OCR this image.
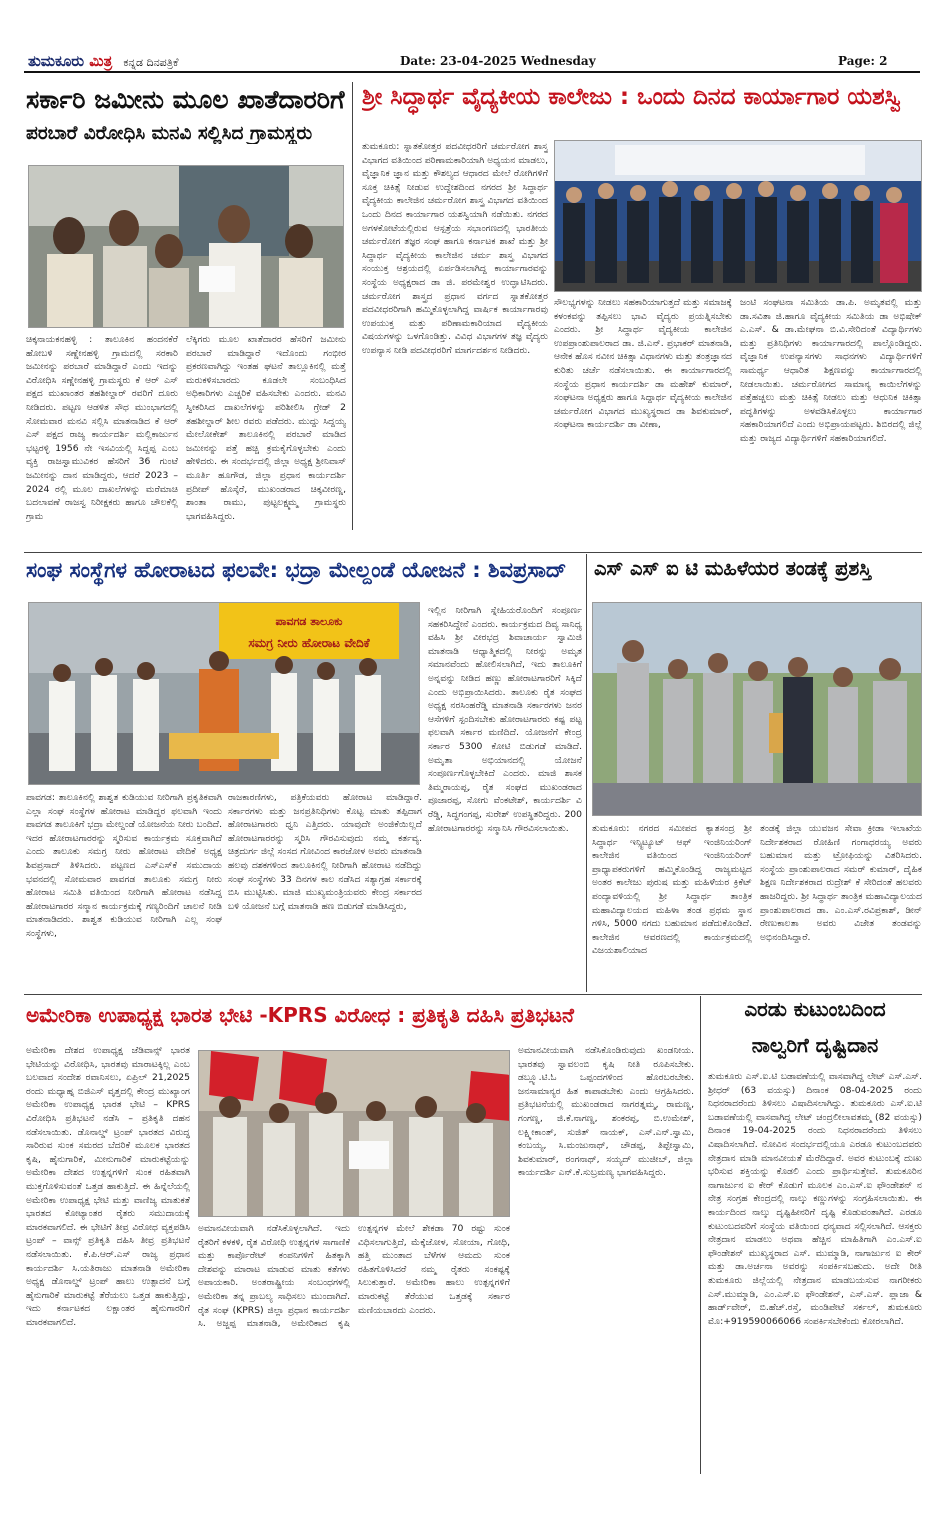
ತುಮಕೂರು ಮಿತ್ರ ಕನ್ನಡ ದಿನಪತ್ರಿಕೆ	Date: 23-04-2025 Wednesday	Page: 2
ಸರ್ಕಾರಿ ಜಮೀನು ಮೂಲ ಖಾತೆದಾರರಿಗೆ
ಪರಬಾರೆ ವಿರೋಧಿಸಿ ಮನವಿ ಸಲ್ಲಿಸಿದ ಗ್ರಾಮಸ್ಥರು
ಚಿಕ್ಕನಾಯಕನಹಳ್ಳಿ : ತಾಲೂಕಿನ ಹಂದನಕೆರೆ ಹೋಬಳಿ ಸಣ್ಣೇನಹಳ್ಳಿ ಗ್ರಾಮದಲ್ಲಿ ಸರಕಾರಿ ಜಮೀನನ್ನು ಪರಬಾರೆ ಮಾಡಿದ್ದಾರೆ ಎಂದು ಇದನ್ನು ವಿರೋಧಿಸಿ ಸಣ್ಣೇನಹಳ್ಳಿ ಗ್ರಾಮಸ್ಥರು ಕೆ ಆರ್ ಎಸ್ ಪಕ್ಷದ ಮುಖಾಂತರ ತಹಶೀಲ್ದಾರ್ ರವರಿಗೆ ದೂರು ನೀಡಿದರು. ಪಟ್ಟಣ ಆಡಳಿತ ಸೌಧ ಮುಂಭಾಗದಲ್ಲಿ ಸೋಮವಾರ ಮನವಿ ಸಲ್ಲಿಸಿ ಮಾತನಾಡಿದ ಕೆ ಆರ್ ಎಸ್ ಪಕ್ಷದ ರಾಜ್ಯ ಕಾರ್ಯದರ್ಶಿ ಮಲ್ಲಿಕಾರ್ಜುನ ಭಟ್ಟರಳ್ಳಿ 1956 ನೇ ಇಸವಿಯಲ್ಲಿ ಸಿದ್ದಪ್ಪ ಎಂಬ ವ್ಯಕ್ತಿ ರಾಜಸ್ವಾಮುವಿಕರ ಹೆಸರಿಗೆ 36 ಗುಂಟೆ ಜಮೀನನ್ನು ದಾನ ಮಾಡಿದ್ದರು, ಆದರೆ 2023 – 2024 ರಲ್ಲಿ ಮೂಲ ದಾಖಲೆಗಳನ್ನು ಮರೆಮಾಚಿ ಬದಲಾವಣೆ ರಾಜಸ್ವ ನಿರೀಕ್ಷಕರು ಹಾಗೂ ಚೌಲಕೆಲ್ಲಿ ಗ್ರಾಮ
ಲೆಕ್ಕಿಗರು ಮೂಲ ಖಾತೆದಾರರ ಹೆಸರಿಗೆ ಜಮೀನು ಪರಬಾರೆ ಮಾಡಿದ್ದಾರೆ ಇದೊಂದು ಗಂಭೀರ ಪ್ರಕರಣವಾಗಿದ್ದು ಇಂತಹ ಘಟನೆ ತಾಲ್ಲೂಕಿನಲ್ಲಿ ಮತ್ತೆ ಮರುಕಳಿಸಬಾರದು ಕೂಡಲೇ ಸಂಬಂಧಿಸಿದ ಅಧಿಕಾರಿಗಳು ಎಚ್ಚರಿಕೆ ವಹಿಸಬೇಕು ಎಂದರು. ಮನವಿ ಸ್ವೀಕರಿಸಿದ ದಾಖಲೆಗಳನ್ನು ಪರಿಶೀಲಿಸಿ ಗ್ರೇಡ್ 2 ತಹಶೀಲ್ದಾರ್ ಶೀಲ ರವರು ಪಡೆದರು. ಮುದ್ದು ಸಿದ್ದಯ್ಯ ಮೇಲೋಕೇಶ್ ತಾಲೂಕಿನಲ್ಲಿ ಪರಬಾರೆ ಮಾಡಿದ ಜಮೀನನ್ನು ಪತ್ತೆ ಹಚ್ಚಿ ಕ್ರಮಕೈಗೊಳ್ಳಬೇಕು ಎಂದು ಹೇಳಿದರು. ಈ ಸಂದರ್ಭದಲ್ಲಿ ಜಿಲ್ಲಾ ಅಧ್ಯಕ್ಷ ಶ್ರೀನಿವಾಸ್ ಮೂರ್ತಿ ಹೂಗೌಡ, ಜಿಲ್ಲಾ ಪ್ರಧಾನ ಕಾರ್ಯದರ್ಶಿ ಪ್ರದೀಪ್ ಹೊಸ್ಕೆರೆ, ಮುಖಂಡರಾದ ಚಿಕ್ಕವೀರಣ್ಣ, ಶಾಂತಾ ರಾಮು, ಪುಟ್ಟಲಕ್ಷ್ಮಮ್ಮ ಗ್ರಾಮಸ್ಥರು ಭಾಗವಹಿಸಿದ್ದರು.
ಶ್ರೀ ಸಿದ್ಧಾರ್ಥ ವೈದ್ಯಕೀಯ ಕಾಲೇಜು : ಒಂದು ದಿನದ ಕಾರ್ಯಾಗಾರ ಯಶಸ್ವಿ
ತುಮಕೂರು: ಸ್ನಾತಕೋತ್ತರ ಪದವೀಧರರಿಗೆ ಚರ್ಮರೋಗ ಶಾಸ್ತ್ರ ವಿಭಾಗದ ವತಿಯಿಂದ ಪರಿಣಾಮಕಾರಿಯಾಗಿ ಅಧ್ಯಯನ ಮಾಡಲು, ವೈಜ್ಞಾನಿಕ ಜ್ಞಾನ ಮತ್ತು ಕೌಶಲ್ಯದ ಆಧಾರದ ಮೇಲೆ ರೋಗಿಗಳಿಗೆ ಸೂಕ್ತ ಚಿಕಿತ್ಸೆ ನೀಡುವ ಉದ್ದೇಶದಿಂದ ನಗರದ ಶ್ರೀ ಸಿದ್ಧಾರ್ಥ ವೈದ್ಯಕೀಯ ಕಾಲೇಜಿನ ಚರ್ಮರೋಗ ಶಾಸ್ತ್ರ ವಿಭಾಗದ ವತಿಯಿಂದ ಒಂದು ದಿನದ ಕಾರ್ಯಾಗಾರ ಯಶಸ್ವಿಯಾಗಿ ನಡೆಯಿತು. ನಗರದ ಅಗಳಕೋಟೆಯಲ್ಲಿರುವ ಆಸ್ಪತ್ರೆಯ ಸಭಾಂಗಣದಲ್ಲಿ ಭಾರತೀಯ ಚರ್ಮರೋಗ ತಜ್ಞರ ಸಂಘ ಹಾಗೂ ಕರ್ನಾಟಕ ಶಾಖೆ ಮತ್ತು ಶ್ರೀ ಸಿದ್ಧಾರ್ಥ ವೈದ್ಯಕೀಯ ಕಾಲೇಜಿನ ಚರ್ಮ ಶಾಸ್ತ್ರ ವಿಭಾಗದ ಸಂಯುಕ್ತ ಆಶ್ರಯದಲ್ಲಿ ಏರ್ಪಡಿಸಲಾಗಿದ್ದ ಕಾರ್ಯಾಗಾರವನ್ನು ಸಂಸ್ಥೆಯ ಅಧ್ಯಕ್ಷರಾದ ಡಾ ಜಿ. ಪರಮೇಶ್ವರ ಉದ್ಘಾಟಿಸಿದರು. ಚರ್ಮರೋಗ ಶಾಸ್ತ್ರದ ಪ್ರಧಾನ ವರ್ಗದ ಸ್ನಾತಕೋತ್ತರ ಪದವೀಧರರಿಗಾಗಿ ಹಮ್ಮಿಕೊಳ್ಳಲಾಗಿದ್ದ ವಾರ್ಷಿಕ ಕಾರ್ಯಾಗಾರವು ಉಪಯುಕ್ತ ಮತ್ತು ಪರಿಣಾಮಕಾರಿಯಾದ ವೈದ್ಯಕೀಯ ವಿಷಯಗಳನ್ನು ಒಳಗೊಂಡಿತ್ತು. ವಿವಿಧ ವಿಭಾಗಗಳ ತಜ್ಞ ವೈದ್ಯರು ಉಪನ್ಯಾಸ ನೀಡಿ ಪದವೀಧರರಿಗೆ ಮಾರ್ಗದರ್ಶನ ನೀಡಿದರು.
ಸೌಲಭ್ಯಗಳನ್ನು ನೀಡಲು ಸಹಕಾರಿಯಾಗುತ್ತದೆ ಮತ್ತು ಸಮಾಜಕ್ಕೆ ಕಳಂಕವನ್ನು ತಪ್ಪಿಸಲು ಭಾವಿ ವೈದ್ಯರು ಪ್ರಯತ್ನಿಸಬೇಕು ಎಂದರು. ಶ್ರೀ ಸಿದ್ಧಾರ್ಥ ವೈದ್ಯಕೀಯ ಕಾಲೇಜಿನ ಉಪಪ್ರಾಂಶುಪಾಲರಾದ ಡಾ. ಜಿ.ಎನ್. ಪ್ರಭಾಕರ್ ಮಾತನಾಡಿ, ಆನೇಕ ಹೊಸ ನವೀನ ಚಿಕಿತ್ಸಾ ವಿಧಾನಗಳು ಮತ್ತು ತಂತ್ರಜ್ಞಾನದ ಕುರಿತು ಚರ್ಚೆ ನಡೆಸಲಾಯಿತು. ಈ ಕಾರ್ಯಾಗಾರದಲ್ಲಿ ಸಂಸ್ಥೆಯ ಪ್ರಧಾನ ಕಾರ್ಯದರ್ಶಿ ಡಾ ಮಹೇಶ್ ಕುಮಾರ್, ಸಂಘಟನಾ ಅಧ್ಯಕ್ಷರು ಹಾಗೂ ಸಿದ್ದಾರ್ಥ ವೈದ್ಯಕೀಯ ಕಾಲೇಜಿನ ಚರ್ಮರೋಗ ವಿಭಾಗದ ಮುಖ್ಯಸ್ಥರಾದ ಡಾ ಶಿವಕುಮಾರ್, ಸಂಘಟನಾ ಕಾರ್ಯದರ್ಶಿ ಡಾ ವೀಣಾ,
ಜಂಟಿ ಸಂಘಟನಾ ಸಮಿತಿಯ ಡಾ.ಪಿ. ಅಮೃತವಲ್ಲಿ ಮತ್ತು ಡಾ.ಸವಿತಾ ಜಿ.ಹಾಗೂ ವೈದ್ಯಕೀಯ ಸಮಿತಿಯ ಡಾ ಅಭಿಷೇಕ್ ಎ.ಎಸ್. & ಡಾ.ಮೇಘನಾ ಬಿ.ವಿ.ಸೇರಿದಂತೆ ವಿದ್ಯಾರ್ಥಿಗಳು ಮತ್ತು ಪ್ರತಿನಿಧಿಗಳು ಕಾರ್ಯಾಗಾರದಲ್ಲಿ ಪಾಲ್ಗೊಂಡಿದ್ದರು. ವೈಜ್ಞಾನಿಕ ಉಪನ್ಯಾಸಗಳು ಸಾಧನಗಳು ವಿದ್ಯಾರ್ಥಿಗಳಿಗೆ ಸಾಮರ್ಥ್ಯ ಆಧಾರಿತ ಶಿಕ್ಷಣವನ್ನು ಕಾರ್ಯಾಗಾರದಲ್ಲಿ ನೀಡಲಾಯಿತು. ಚರ್ಮರೋಗದ ಸಾಮಾನ್ಯ ಕಾಯಿಲೆಗಳನ್ನು ಪತ್ತೆಹಚ್ಚಲು ಮತ್ತು ಚಿಕಿತ್ಸೆ ನೀಡಲು ಮತ್ತು ಆಧುನಿಕ ಚಿಕಿತ್ಸಾ ಪದ್ಧತಿಗಳನ್ನು ಅಳವಡಿಸಿಕೊಳ್ಳಲು ಕಾರ್ಯಾಗಾರ ಸಹಕಾರಿಯಾಗಲಿದೆ ಎಂದು ಅಭಿಪ್ರಾಯಪಟ್ಟರು. ಶಿಬಿರದಲ್ಲಿ ಜಿಲ್ಲೆ ಮತ್ತು ರಾಜ್ಯದ ವಿದ್ಯಾರ್ಥಿಗಳಿಗೆ ಸಹಕಾರಿಯಾಗಲಿದೆ.
ಸಂಘ ಸಂಸ್ಥೆಗಳ ಹೋರಾಟದ ಫಲವೇ: ಭದ್ರಾ ಮೇಲ್ದಂಡೆ ಯೋಜನೆ : ಶಿವಪ್ರಸಾದ್
ಪಾವಗಡ ತಾಲೂಕು
ಸಮಗ್ರ ನೀರು ಹೋರಾಟ ವೇದಿಕೆ
ಪಾವಗಡ: ತಾಲೂಕಿನಲ್ಲಿ ಶಾಶ್ವತ ಕುಡಿಯುವ ನೀರಿಗಾಗಿ ಪ್ರಕೃತಿಕವಾಗಿ ಎಲ್ಲಾ ಸಂಘ ಸಂಸ್ಥೆಗಳ ಹೋರಾಟ ಮಾಡಿದ್ದರ ಫಲವಾಗಿ ಇಂದು ಪಾವಗಡ ತಾಲೂಕಿಗೆ ಭದ್ರಾ ಮೇಲ್ದಂಡೆ ಯೋಜನೆಯ ನೀರು ಬಂದಿದೆ. ಇದರ ಹೋರಾಟಗಾರರನ್ನು ಸ್ಮರಿಸುವ ಕಾರ್ಯಕ್ರಮ ಸೂಕ್ತವಾಗಿದೆ ಎಂದು ತಾಲೂಕು ಸಮಗ್ರ ನೀರು ಹೋರಾಟ ವೇದಿಕೆ ಅಧ್ಯಕ್ಷ ಶಿವಪ್ರಸಾದ್ ತಿಳಿಸಿದರು. ಪಟ್ಟಣದ ಎಸ್‌ಎಸ್‌ಕೆ ಸಮುದಾಯ ಭವನದಲ್ಲಿ ಸೋಮವಾರ ಪಾವಗಡ ತಾಲೂಕು ಸಮಗ್ರ ನೀರು ಹೋರಾಟ ಸಮಿತಿ ವತಿಯಿಂದ ನೀರಿಗಾಗಿ ಹೋರಾಟ ನಡೆಸಿದ್ದ ಹೋರಾಟಗಾರರ ಸನ್ಮಾನ ಕಾರ್ಯಕ್ರಮಕ್ಕೆ ಗಣ್ಯರಿಂದಿಗೆ ಚಾಲನೆ ನೀಡಿ ಮಾತನಾಡಿದರು. ಶಾಶ್ವತ ಕುಡಿಯುವ ನೀರಿಗಾಗಿ ಎಲ್ಲ ಸಂಘ ಸಂಸ್ಥೆಗಳು,
ರಾಜಕಾರಣಿಗಳು, ಪತ್ರಿಕೆಯವರು ಹೋರಾಟ ಮಾಡಿದ್ದಾರೆ. ಸರ್ಕಾರಗಳು ಮತ್ತು ಜನಪ್ರತಿನಿಧಿಗಳು ಕೊಟ್ಟ ಮಾತು ತಪ್ಪಿದಾಗ ಹೋರಾಟಗಾರರು ಧ್ವನಿ ಎತ್ತಿದರು. ಯಾವುದೇ ಅಂಜಿಕೆಯಿಲ್ಲದೆ ಹೋರಾಟಗಾರರನ್ನು ಸ್ಮರಿಸಿ ಗೌರವಿಸುವುದು ನಮ್ಮ ಕರ್ತವ್ಯ. ಚಿತ್ರದುರ್ಗ ಜಿಲ್ಲೆ ಸಂಸದ ಗೋವಿಂದ ಕಾರಜೋಳ ಅವರು ಮಾತನಾಡಿ ಹಲವು ದಶಕಗಳಿಂದ ತಾಲೂಕಿನಲ್ಲಿ ನೀರಿಗಾಗಿ ಹೋರಾಟ ನಡೆದಿದ್ದು ಸಂಘ ಸಂಸ್ಥೆಗಳು 33 ದಿನಗಳ ಕಾಲ ನಡೆಸಿದ ಸತ್ಯಾಗ್ರಹ ಸರ್ಕಾರಕ್ಕೆ ಬಿಸಿ ಮುಟ್ಟಿಸಿತು. ಮಾಜಿ ಮುಖ್ಯಮಂತ್ರಿಯವರು ಕೇಂದ್ರ ಸರ್ಕಾರದ ಬಳಿ ಯೋಜನೆ ಬಗ್ಗೆ ಮಾತನಾಡಿ ಹಣ ಬಿಡುಗಡೆ ಮಾಡಿಸಿದ್ದರು,
ಇಲ್ಲಿನ ನೀರಿಗಾಗಿ ಸ್ನೇಹಿಯರೊಂದಿಗೆ ಸಂಪೂರ್ಣ ಸಹಕರಿಸಿದ್ದೇನೆ ಎಂದರು. ಕಾರ್ಯಕ್ರಮದ ದಿವ್ಯ ಸಾನಿಧ್ಯ ವಹಿಸಿ ಶ್ರೀ ವೀರಭದ್ರ ಶಿವಾಚಾರ್ಯ ಸ್ವಾಮಿಜಿ ಮಾತನಾಡಿ ಆಧ್ಯಾತ್ಮಿಕದಲ್ಲಿ ನೀರನ್ನು ಅಮೃತ ಸಮಾನವೆಂದು ಹೋಲಿಸಲಾಗಿದೆ, ಇದು ತಾಲೂಕಿಗೆ ಅನ್ನವನ್ನು ನೀಡಿದ ಹಣ್ಣು ಹೋರಾಟಗಾರರಿಗೆ ಸಿಕ್ಕಿದೆ ಎಂದು ಅಭಿಪ್ರಾಯಿಸಿದರು. ತಾಲೂಕು ರೈತ ಸಂಘದ ಅಧ್ಯಕ್ಷ ನರಸಿಂಹರೆಡ್ಡಿ ಮಾತನಾಡಿ ಸರ್ಕಾರಗಳು ಜನರ ಆಸೆಗಳಿಗೆ ಸ್ಪಂದಿಸಬೇಕು ಹೋರಾಟಗಾರರು ಕಷ್ಟ ಪಟ್ಟ ಫಲವಾಗಿ ಸರ್ಕಾರ ಮಣಿದಿದೆ. ಯೋಜನೆಗೆ ಕೇಂದ್ರ ಸರ್ಕಾರ 5300 ಕೋಟಿ ಬಿಡುಗಡೆ ಮಾಡಿದೆ. ಅಮೃತಾ ಅಭಿಯಾನದಲ್ಲಿ ಯೋಜನೆ ಸಂಪೂರ್ಣಗೊಳ್ಳಬೇಕಿದೆ ಎಂದರು. ಮಾಜಿ ಶಾಸಕ ತಿಮ್ಮರಾಯಪ್ಪ, ರೈತ ಸಂಘದ ಮುಖಂಡರಾದ ಪೂಜಾರಪ್ಪ, ಸೋಗು ವೆಂಕಟೇಶ್, ಕಾರ್ಯದರ್ಶಿ ವಿ ರೆಡ್ಡಿ, ಸಿದ್ಧಗಂಗಪ್ಪ, ಸುರೇಶ್ ಉಪಸ್ಥಿತರಿದ್ದರು. 200 ಹೋರಾಟಗಾರರನ್ನು ಸನ್ಮಾನಿಸಿ ಗೌರವಿಸಲಾಯಿತು.
ಎಸ್ ಎಸ್ ಐ ಟಿ ಮಹಿಳೆಯರ ತಂಡಕ್ಕೆ ಪ್ರಶಸ್ತಿ
ತುಮಕೂರು: ನಗರದ ಸಮೀಪದ ಕ್ಯಾತಸಂದ್ರ ಶ್ರೀ ಸಿದ್ಧಾರ್ಥ ಇನ್ಸ್ಟಿಟ್ಯೂಟ್ ಆಫ್ ಇಂಜಿನಿಯರಿಂಗ್ ಕಾಲೇಜಿನ ವತಿಯಿಂದ ಇಂಜಿನಿಯರಿಂಗ್ ಪ್ರಾಧ್ಯಾಪಕರುಗಳಿಗೆ ಹಮ್ಮಿಕೊಂಡಿದ್ದ ರಾಜ್ಯಮಟ್ಟದ ಅಂತರ ಕಾಲೇಜು ಪುರುಷ ಮತ್ತು ಮಹಿಳೆಯರ ಕ್ರಿಕೆಟ್ ಪಂದ್ಯಾವಳಿಯಲ್ಲಿ ಶ್ರೀ ಸಿದ್ಧಾರ್ಥ ತಾಂತ್ರಿಕ ಮಹಾವಿದ್ಯಾಲಯದ ಮಹಿಳಾ ತಂಡ ಪ್ರಥಮ ಸ್ಥಾನ ಗಳಿಸಿ, 5000 ನಗದು ಬಹುಮಾನ ಪಡೆದುಕೊಂಡಿದೆ. ಕಾಲೇಜಿನ ಆವರಣದಲ್ಲಿ ಕಾರ್ಯಕ್ರಮದಲ್ಲಿ ವಿಜಯಶಾಲಿಯಾದ
ತಂಡಕ್ಕೆ ಜಿಲ್ಲಾ ಯುವಜನ ಸೇವಾ ಕ್ರೀಡಾ ಇಲಾಖೆಯ ನಿರ್ದೇಶಕರಾದ ರೋಹಿಣಿ ಗಂಗಾಧರಯ್ಯ ಅವರು ಬಹುಮಾನ ಮತ್ತು ಟ್ರೋಫಿಯನ್ನು ವಿತರಿಸಿದರು. ಸಂಸ್ಥೆಯ ಪ್ರಾಂಶುಪಾಲರಾದ ಸಮರ್ ಕುಮಾರ್, ದೈಹಿಕ ಶಿಕ್ಷಣ ನಿರ್ದೇಶಕರಾದ ರುದ್ರೇಶ್ ಕೆ ಸೇರಿದಂತೆ ಹಲವರು ಹಾಜರಿದ್ದರು. ಶ್ರೀ ಸಿದ್ಧಾರ್ಥ ತಾಂತ್ರಿಕ ಮಹಾವಿದ್ಯಾಲಯದ ಪ್ರಾಂಶುಪಾಲರಾದ ಡಾ. ಎಂ.ಎಸ್.ರವಿಪ್ರಕಾಶ್, ಡೀನ್ ರೇಣುಕಾಲತಾ ಅವರು ವಿಜೇತ ತಂಡವನ್ನು ಅಭಿನಂದಿಸಿದ್ದಾರೆ.
ಅಮೇರಿಕಾ ಉಪಾಧ್ಯಕ್ಷ ಭಾರತ ಭೇಟಿ -KPRS ವಿರೋಧ : ಪ್ರತಿಕೃತಿ ದಹಿಸಿ ಪ್ರತಿಭಟನೆ
ಅಮೇರಿಕಾ ದೇಶದ ಉಪಾಧ್ಯಕ್ಷ ಜೆಡಿವಾನ್ಸ್ ಭಾರತ ಭೇಟಿಯನ್ನು ವಿರೋಧಿಸಿ, ಭಾರತವು ಮಾರಾಟಕ್ಕಿಲ್ಲ ಎಂಬ ಬಲವಾದ ಸಂದೇಶ ರವಾನಿಸಲು, ಏಪ್ರಿಲ್ 21,2025 ರಂದು ಮಧ್ಯಾಹ್ನ ಬಿಜಿಎಸ್ ವೃತ್ತದಲ್ಲಿ ಕೇಂದ್ರ ಮುಖ್ಯಾಂಗ ಅಮೇರಿಕಾ ಉಪಾಧ್ಯಕ್ಷ ಭಾರತ ಭೇಟಿ – KPRS ವಿರೋಧಿಸಿ ಪ್ರತಿಭಟನೆ ನಡೆಸಿ – ಪ್ರತಿಕೃತಿ ದಹನ ನಡೆಸಲಾಯಿತು. ಡೊನಾಲ್ಡ್ ಟ್ರಂಪ್ ಭಾರತದ ವಿರುದ್ಧ ಸಾರಿರುವ ಸುಂಕ ಸಮರದ ಬೆದರಿಕೆ ಮೂಲಕ ಭಾರತದ ಕೃಷಿ, ಹೈನುಗಾರಿಕೆ, ಮೀನುಗಾರಿಕೆ ಮಾರುಕಟ್ಟೆಯನ್ನು ಅಮೇರಿಕಾ ದೇಶದ ಉತ್ಪನ್ನಗಳಿಗೆ ಸುಂಕ ರಹಿತವಾಗಿ ಮುಕ್ತಗೊಳಿಸುವಂತೆ ಒತ್ತಡ ಹಾಕುತ್ತಿದೆ. ಈ ಹಿನ್ನೆಲೆಯಲ್ಲಿ ಅಮೇರಿಕಾ ಉಪಾಧ್ಯಕ್ಷ ಭೇಟಿ ಮತ್ತು ವಾಣಿಜ್ಯ ಮಾತುಕತೆ ಭಾರತದ ಕೋಟ್ಯಾಂತರ ರೈತರು ಸಮುದಾಯಕ್ಕೆ ಮಾರಕವಾಗಲಿದೆ. ಈ ಭೇಟಿಗೆ ತೀವ್ರ ವಿರೋಧ ವ್ಯಕ್ತಪಡಿಸಿ ಟ್ರಂಪ್ – ವಾನ್ಸ್ ಪ್ರತಿಕೃತಿ ದಹಿಸಿ ತೀವ್ರ ಪ್ರತಿಭಟನೆ ನಡೆಸಲಾಯಿತು. ಕೆ.ಪಿ.ಆರ್.ಎಸ್ ರಾಜ್ಯ ಪ್ರಧಾನ ಕಾರ್ಯದರ್ಶಿ ಸಿ.ಯತಿರಾಜು ಮಾತನಾಡಿ ಅಮೇರಿಕಾ ಅಧ್ಯಕ್ಷ ಡೊನಾಲ್ಡ್ ಟ್ರಂಪ್ ಹಾಲು ಉತ್ಪಾದನೆ ಬಗ್ಗೆ ಹೈನುಗಾರಿಕೆ ಮಾರುಕಟ್ಟೆ ತೆರೆಯಲು ಒತ್ತಡ ಹಾಕುತ್ತಿದ್ದು, ಇದು ಕರ್ನಾಟಕದ ಲಕ್ಷಾಂತರ ಹೈನುಗಾರರಿಗೆ ಮಾರಕವಾಗಲಿದೆ.
ಅಮಾನವೀಯವಾಗಿ ನಡೆಸಿಕೊಳ್ಳಲಾಗಿದೆ. ಇದು ರೈತರಿಗೆ ಕಳಕಳಿ, ರೈತ ವಿರೋಧಿ ಉತ್ಪನ್ನಗಳ ಸಾಗಾಣಿಕೆ ಮತ್ತು ಕಾರ್ಪೊರೇಟ್ ಕಂಪನಿಗಳಿಗೆ ಹಿತಕ್ಕಾಗಿ ದೇಶವನ್ನು ಮಾರಾಟ ಮಾಡುವ ಮಾತು ಕತೆಗಳು ಅಪಾಯಕಾರಿ. ಅಂತರಾಷ್ಟ್ರೀಯ ಸಂಬಂಧಗಳಲ್ಲಿ ಅಮೇರಿಕಾ ತನ್ನ ಪ್ರಾಬಲ್ಯ ಸಾಧಿಸಲು ಮುಂದಾಗಿದೆ. ರೈತ ಸಂಘ (KPRS) ಜಿಲ್ಲಾ ಪ್ರಧಾನ ಕಾರ್ಯದರ್ಶಿ ಸಿ. ಅಜ್ಜಪ್ಪ ಮಾತನಾಡಿ, ಅಮೇರಿಕಾದ ಕೃಷಿ ಉತ್ಪನ್ನಗಳ ಮೇಲೆ ಶೇಕಡಾ 70 ರಷ್ಟು ಸುಂಕ ವಿಧಿಸಲಾಗುತ್ತಿದೆ, ಮೆಕ್ಕೆಜೋಳ, ಸೋಯಾ, ಗೋಧಿ, ಹತ್ತಿ ಮುಂತಾದ ಬೆಳೆಗಳ ಆಮದು ಸುಂಕ ರಹಿತಗೊಳಿಸಿದರೆ ನಮ್ಮ ರೈತರು ಸಂಕಷ್ಟಕ್ಕೆ ಸಿಲುಕುತ್ತಾರೆ. ಅಮೇರಿಕಾ ಹಾಲು ಉತ್ಪನ್ನಗಳಿಗೆ ಮಾರುಕಟ್ಟೆ ತೆರೆಯುವ ಒತ್ತಡಕ್ಕೆ ಸರ್ಕಾರ ಮಣಿಯಬಾರದು ಎಂದರು.
ಅಮಾನವೀಯವಾಗಿ ನಡೆಸಿಕೊಂಡಿರುವುದು ಖಂಡನೀಯ. ಭಾರತವು ಸ್ವಾವಲಂಬಿ ಕೃಷಿ ನೀತಿ ರೂಪಿಸಬೇಕು. ಡಬ್ಲ್ಯೂ.ಟಿ.ಓ ಒಪ್ಪಂದಗಳಿಂದ ಹೊರಬರಬೇಕು. ಜನಸಾಮಾನ್ಯರ ಹಿತ ಕಾಪಾಡಬೇಕು ಎಂದು ಆಗ್ರಹಿಸಿದರು. ಪ್ರತಿಭಟನೆಯಲ್ಲಿ ಮುಖಂಡರಾದ ನಾಗರತ್ನಮ್ಮ, ರಾಮಣ್ಣ, ಗಂಗಣ್ಣ, ಜಿ.ಕೆ.ನಾಗಣ್ಣ, ಶಂಕರಪ್ಪ, ಬಿ.ಉಮೇಶ್, ಲಕ್ಷ್ಮೀಕಾಂತ್, ಸುಜಿತ್ ನಾಯಕ್, ಎಸ್.ಎನ್.ಸ್ವಾಮಿ, ಕಂಬಯ್ಯ, ಸಿ.ಮಂಜುನಾಥ್, ಚೌಡಪ್ಪ, ತಿಪ್ಪೇಸ್ವಾಮಿ, ಶಿವಕುಮಾರ್, ರಂಗನಾಥ್, ಸಯ್ಯದ್ ಮುಜೀಬ್, ಜಿಲ್ಲಾ ಕಾರ್ಯದರ್ಶಿ ಎನ್.ಕೆ.ಸುಬ್ರಮಣ್ಯ ಭಾಗವಹಿಸಿದ್ದರು.
ಎರಡು ಕುಟುಂಬದಿಂದ
ನಾಲ್ವರಿಗೆ ದೃಷ್ಟಿದಾನ
ತುಮಕೂರು ಎಸ್.ಐ.ಟಿ ಬಡಾವಣೆಯಲ್ಲಿ ವಾಸವಾಗಿದ್ದ ಲೇಟ್ ಎಸ್.ಎಸ್. ಶ್ರೀಧರ್ (63 ವಯಸ್ಸು) ದಿನಾಂಕ 08-04-2025 ರಂದು ನಿಧನರಾದರೆಂದು ತಿಳಿಸಲು ವಿಷಾದಿಸಲಾಗಿದ್ದು. ತುಮಕೂರು ಎಸ್.ಐ.ಟಿ ಬಡಾವಣೆಯಲ್ಲಿ ವಾಸವಾಗಿದ್ದ ಲೇಟ್ ಚಂದ್ರಲೀಲಾವತಮ್ಮ (82 ವಯಸ್ಸು) ದಿನಾಂಕ 19-04-2025 ರಂದು ನಿಧನರಾದರೆಂದು ತಿಳಿಸಲು ವಿಷಾದಿಸಲಾಗಿದೆ. ನೋವಿನ ಸಂದರ್ಭದಲ್ಲಿಯೂ ಎರಡೂ ಕುಟುಂಬದವರು ನೇತ್ರದಾನ ಮಾಡಿ ಮಾನವೀಯತೆ ಮೆರೆದಿದ್ದಾರೆ. ಅವರ ಕುಟುಂಬಕ್ಕೆ ದುಃಖ ಭರಿಸುವ ಶಕ್ತಿಯನ್ನು ಕೊಡಲಿ ಎಂದು ಪ್ರಾರ್ಥಿಸುತ್ತೇವೆ. ತುಮಕೂರಿನ ನಾಗಾರ್ಜುನ ಐ ಕೇರ್ ಕೊಡುಗೆ ಮೂಲಕ ಎಂ.ಎಸ್.ಐ ಫೌಂಡೇಶನ್ ನ ನೇತ್ರ ಸಂಗ್ರಹ ಕೇಂದ್ರದಲ್ಲಿ ನಾಲ್ಕು ಕಣ್ಣುಗಳನ್ನು ಸಂಗ್ರಹಿಸಲಾಯಿತು. ಈ ಕಾರ್ಯದಿಂದ ನಾಲ್ಕು ದೃಷ್ಟಿಹೀನರಿಗೆ ದೃಷ್ಟಿ ಕೊಡುವಂತಾಗಿದೆ. ಎರಡೂ ಕುಟುಂಬದವರಿಗೆ ಸಂಸ್ಥೆಯ ವತಿಯಿಂದ ಧನ್ಯವಾದ ಸಲ್ಲಿಸಲಾಗಿದೆ. ಆಸಕ್ತರು ನೇತ್ರದಾನ ಮಾಡಲು ಅಥವಾ ಹೆಚ್ಚಿನ ಮಾಹಿತಿಗಾಗಿ ಎಂ.ಎಸ್.ಐ ಫೌಂಡೇಶನ್ ಮುಖ್ಯಸ್ಥರಾದ ಎಸ್. ಮುಮ್ಮಾಡಿ, ನಾಗಾರ್ಜುನ ಐ ಕೇರ್ ಮತ್ತು ಡಾ.ಅರ್ಚನಾ ಅವರನ್ನು ಸಂಪರ್ಕಿಸಬಹುದು. ಅದೇ ರೀತಿ ತುಮಕೂರು ಜಿಲ್ಲೆಯಲ್ಲಿ ನೇತ್ರದಾನ ಮಾಡಬಯಸುವ ನಾಗರೀಕರು ಎಸ್.ಮುಮ್ಮಾಡಿ, ಎಂ.ಎಸ್.ಐ ಫೌಂಡೇಶನ್, ಎಸ್.ಎಸ್. ಪ್ಲಾಜಾ & ಹಾರ್ಡ್‌ವೇರ್, ಬಿ.ಹೆಚ್.ರಸ್ತೆ, ಮಂಡಿಪೇಟೆ ಸರ್ಕಲ್, ತುಮಕೂರು ಮೊ:+919590066066 ಸಂಪರ್ಕಿಸಬೇಕೆಂದು ಕೋರಲಾಗಿದೆ.
